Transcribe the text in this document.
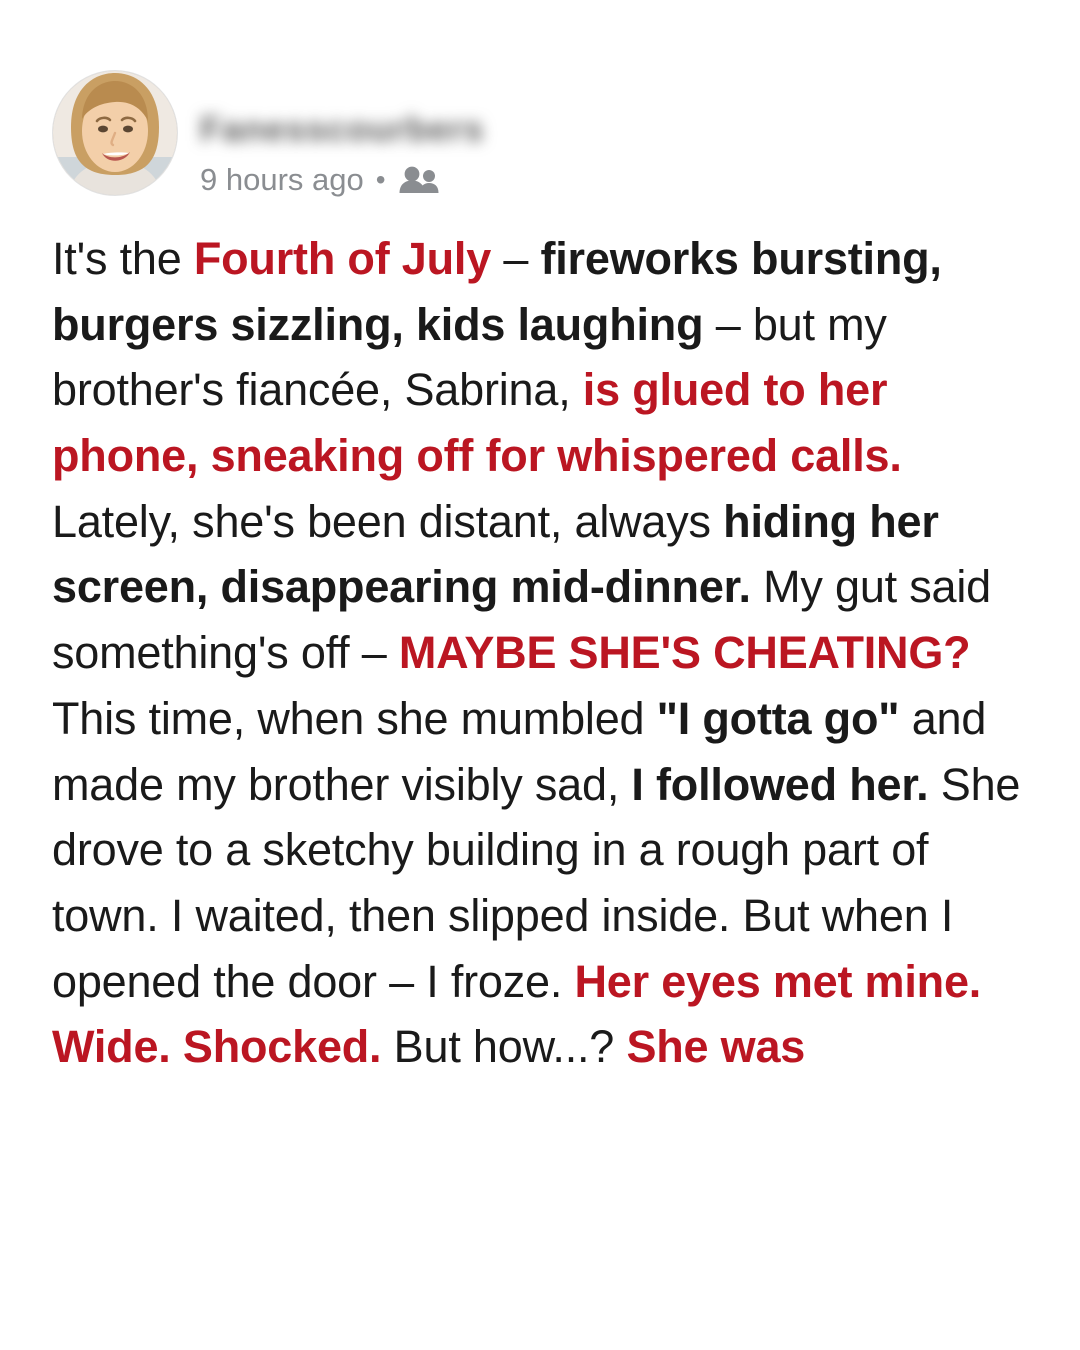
Fanesscourbers
9 hours ago •
It's the Fourth of July – fireworks bursting, burgers sizzling, kids laughing – but my brother's fiancée, Sabrina, is glued to her phone, sneaking off for whispered calls. Lately, she's been distant, always hiding her screen, disappearing mid-dinner. My gut said something's off – MAYBE SHE'S CHEATING? This time, when she mumbled "I gotta go" and made my brother visibly sad, I followed her. She drove to a sketchy building in a rough part of town. I waited, then slipped inside. But when I opened the door – I froze. Her eyes met mine. Wide. Shocked. But how...? She was
